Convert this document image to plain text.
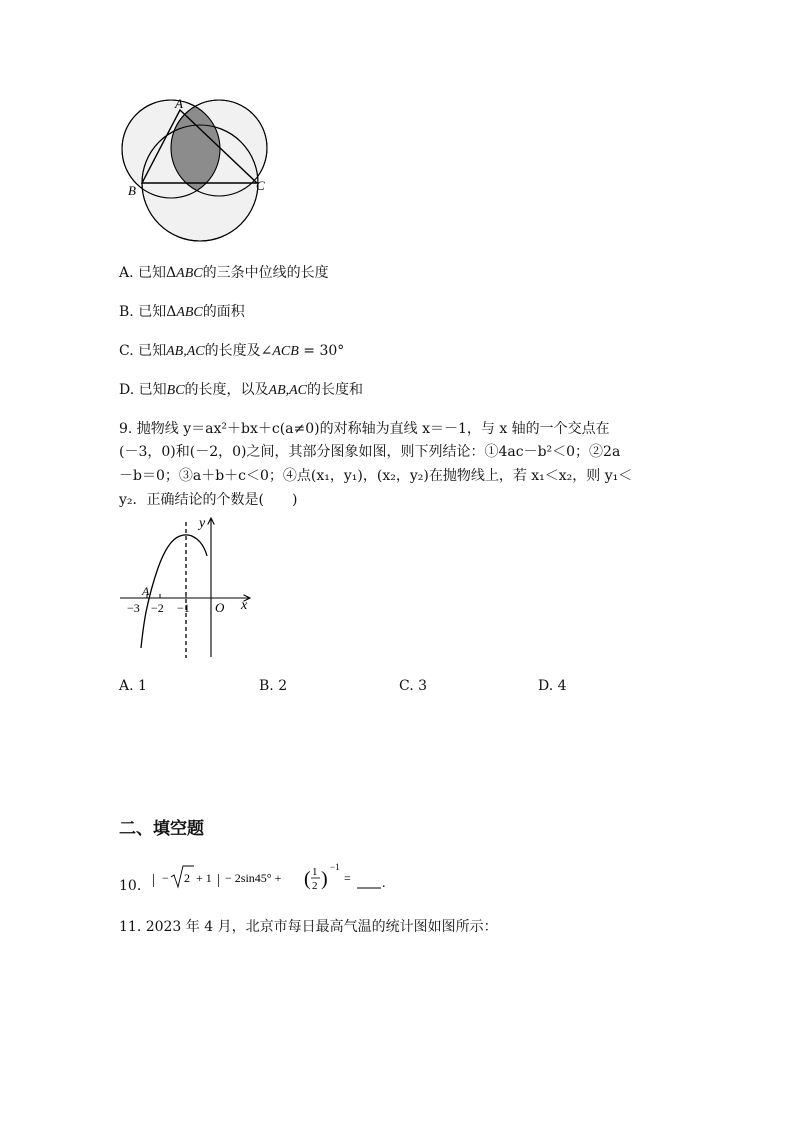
A
B	C
A. 已知ΔABC的三条中位线的长度
B. 已知ΔABC的面积
C. 已知AB,AC的长度及∠ACB = 30°
D. 已知BC的长度，以及AB,AC的长度和
9. 抛物线 y＝ax²＋bx＋c(a≠0)的对称轴为直线 x＝－1，与 x 轴的一个交点在
(－3，0)和(－2，0)之间，其部分图象如图，则下列结论：①4ac－b²＜0；②2a
－b＝0；③a＋b＋c＜0；④点(x₁，y₁)，(x₂，y₂)在抛物线上，若 x₁＜x₂，则 y₁＜
y₂．正确结论的个数是(　　)
y
x
O
A
−3 −2 −1
A. 1	B. 2	C. 3	D. 4
二、填空题
10. | − 2 + 1 | − 2sin45° + ( 1
2 )
−1
= .
11. 2023 年 4 月，北京市每日最高气温的统计图如图所示：
